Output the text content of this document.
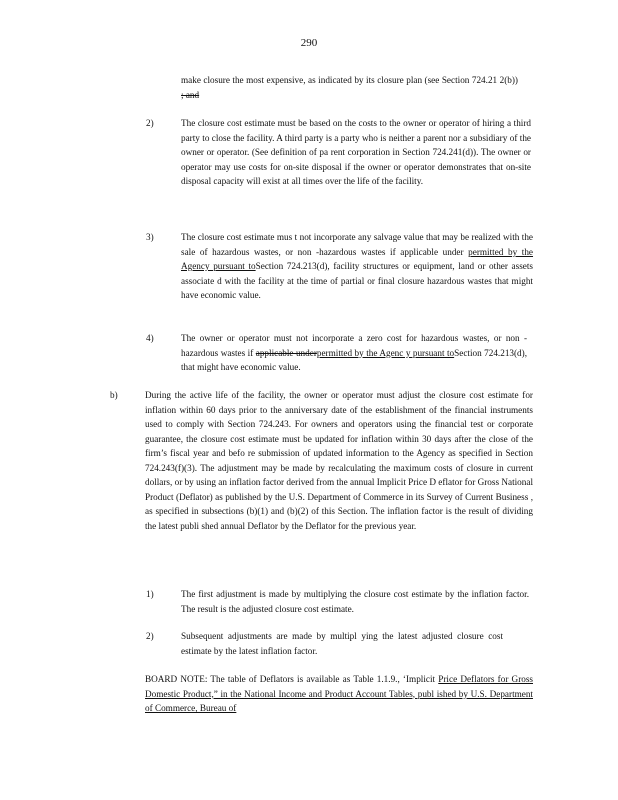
290
make closure the most expensive, as indicated by its closure plan (see Section 724.21 2(b)) ; and
2)	The closure cost estimate must be based on the costs to the owner or operator of hiring a third party to close the facility. A third party is a party who is neither a parent nor a subsidiary of the owner or operator. (See definition of pa rent corporation in Section 724.241(d)). The owner or operator may use costs for on-site disposal if the owner or operator demonstrates that on-site disposal capacity will exist at all times over the life of the facility.
3)	The closure cost estimate mus t not incorporate any salvage value that may be realized with the sale of hazardous wastes, or non -hazardous wastes if applicable under permitted by the Agency pursuant toSection 724.213(d), facility structures or equipment, land or other assets associate d with the facility at the time of partial or final closure hazardous wastes that might have economic value.
4)	The owner or operator must not incorporate a zero cost for hazardous wastes, or non -hazardous wastes if applicable underpermitted by the Agenc y pursuant toSection 724.213(d), that might have economic value.
b)	During the active life of the facility, the owner or operator must adjust the closure cost estimate for inflation within 60 days prior to the anniversary date of the establishment of the financial instruments used to comply with Section 724.243. For owners and operators using the financial test or corporate guarantee, the closure cost estimate must be updated for inflation within 30 days after the close of the firm’s fiscal year and befo re submission of updated information to the Agency as specified in Section 724.243(f)(3). The adjustment may be made by recalculating the maximum costs of closure in current dollars, or by using an inflation factor derived from the annual Implicit Price D eflator for Gross National Product (Deflator) as published by the U.S. Department of Commerce in its Survey of Current Business , as specified in subsections (b)(1) and (b)(2) of this Section. The inflation factor is the result of dividing the latest publi shed annual Deflator by the Deflator for the previous year.
1)	The first adjustment is made by multiplying the closure cost estimate by the inflation factor. The result is the adjusted closure cost estimate.
2)	Subsequent adjustments are made by multipl ying the latest adjusted closure cost estimate by the latest inflation factor.
BOARD NOTE: The table of Deflators is available as Table 1.1.9., ‘Implicit Price Deflators for Gross Domestic Product,” in the National Income and Product Account Tables, publ ished by U.S. Department of Commerce, Bureau of
